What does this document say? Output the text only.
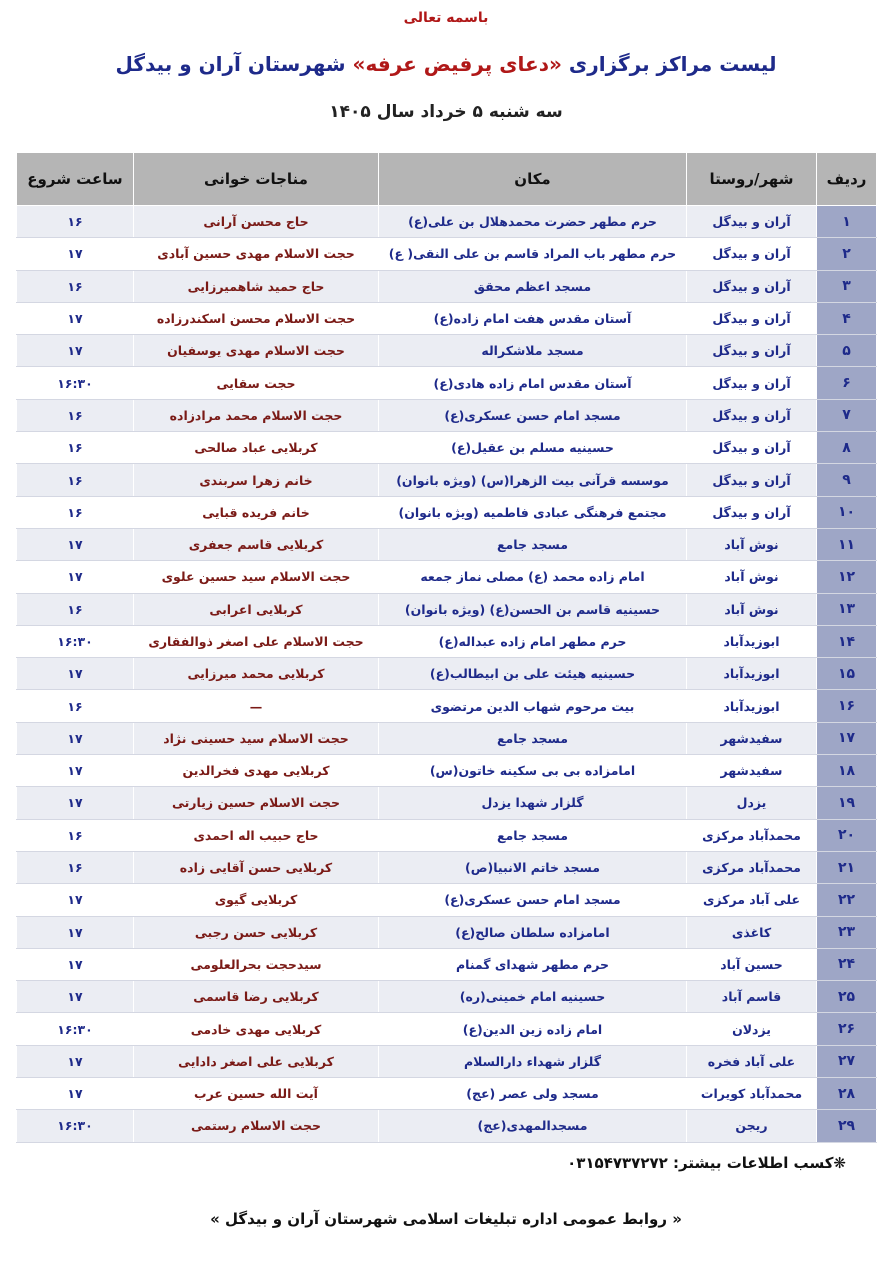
باسمه تعالی
لیست مراکز برگزاری «دعای پرفیض عرفه» شهرستان آران و بیدگل
سه شنبه ۵ خرداد سال ۱۴۰۵
ردیف	شهر/روستا	مکان	مناجات خوانی	ساعت شروع
۱	آران و بیدگل	حرم مطهر حضرت محمدهلال بن علی(ع)	حاج محسن آرانی	۱۶
۲	آران و بیدگل	حرم مطهر باب المراد قاسم بن علی النقی( ع)	حجت الاسلام مهدی حسین آبادی	۱۷
۳	آران و بیدگل	مسجد اعظم محقق	حاج حمید شاهمیرزایی	۱۶
۴	آران و بیدگل	آستان مقدس هفت امام زاده(ع)	حجت الاسلام محسن اسکندرزاده	۱۷
۵	آران و بیدگل	مسجد ملاشکراله	حجت الاسلام مهدی یوسفیان	۱۷
۶	آران و بیدگل	آستان مقدس امام زاده هادی(ع)	حجت سقایی	۱۶:۳۰
۷	آران و بیدگل	مسجد امام حسن عسکری(ع)	حجت الاسلام محمد مرادزاده	۱۶
۸	آران و بیدگل	حسینیه مسلم بن عقیل(ع)	کربلایی عباد صالحی	۱۶
۹	آران و بیدگل	موسسه قرآنی بیت الزهرا(س) (ویژه بانوان)	خانم زهرا سربندی	۱۶
۱۰	آران و بیدگل	مجتمع فرهنگی عبادی فاطمیه (ویژه بانوان)	خانم فریده قبایی	۱۶
۱۱	نوش آباد	مسجد جامع	کربلایی قاسم جعفری	۱۷
۱۲	نوش آباد	امام زاده محمد (ع) مصلی نماز جمعه	حجت الاسلام سید حسین علوی	۱۷
۱۳	نوش آباد	حسینیه قاسم بن الحسن(ع) (ویژه بانوان)	کربلایی اعرابی	۱۶
۱۴	ابوزیدآباد	حرم مطهر امام زاده عبداله(ع)	حجت الاسلام علی اصغر ذوالفقاری	۱۶:۳۰
۱۵	ابوزیدآباد	حسینیه هیئت علی بن ابیطالب(ع)	کربلایی محمد میرزایی	۱۷
۱۶	ابوزیدآباد	بیت مرحوم شهاب الدین مرتضوی	—	۱۶
۱۷	سفیدشهر	مسجد جامع	حجت الاسلام سید حسینی نژاد	۱۷
۱۸	سفیدشهر	امامزاده بی بی سکینه خاتون(س)	کربلایی مهدی فخرالدین	۱۷
۱۹	یزدل	گلزار شهدا یزدل	حجت الاسلام حسین زیارتی	۱۷
۲۰	محمدآباد مرکزی	مسجد جامع	حاج حبیب اله احمدی	۱۶
۲۱	محمدآباد مرکزی	مسجد خاتم الانبیا(ص)	کربلایی حسن آقایی زاده	۱۶
۲۲	علی آباد مرکزی	مسجد امام حسن عسکری(ع)	کربلایی گیوی	۱۷
۲۳	کاغذی	امامزاده سلطان صالح(ع)	کربلایی حسن رجبی	۱۷
۲۴	حسین آباد	حرم مطهر شهدای گمنام	سیدحجت بحرالعلومی	۱۷
۲۵	قاسم آباد	حسینیه امام خمینی(ره)	کربلایی رضا قاسمی	۱۷
۲۶	یزدلان	امام زاده زین الدین(ع)	کربلایی مهدی خادمی	۱۶:۳۰
۲۷	علی آباد فخره	گلزار شهداء دارالسلام	کربلایی علی اصغر دادایی	۱۷
۲۸	محمدآباد کویرات	مسجد ولی عصر (عج)	آیت الله حسین عرب	۱۷
۲۹	ریجن	مسجدالمهدی(عج)	حجت الاسلام رستمی	۱۶:۳۰
❋کسب اطلاعات بیشتر: ۰۳۱۵۴۷۳۷۲۷۲
« روابط عمومی اداره تبلیغات اسلامی شهرستان آران و بیدگل »
